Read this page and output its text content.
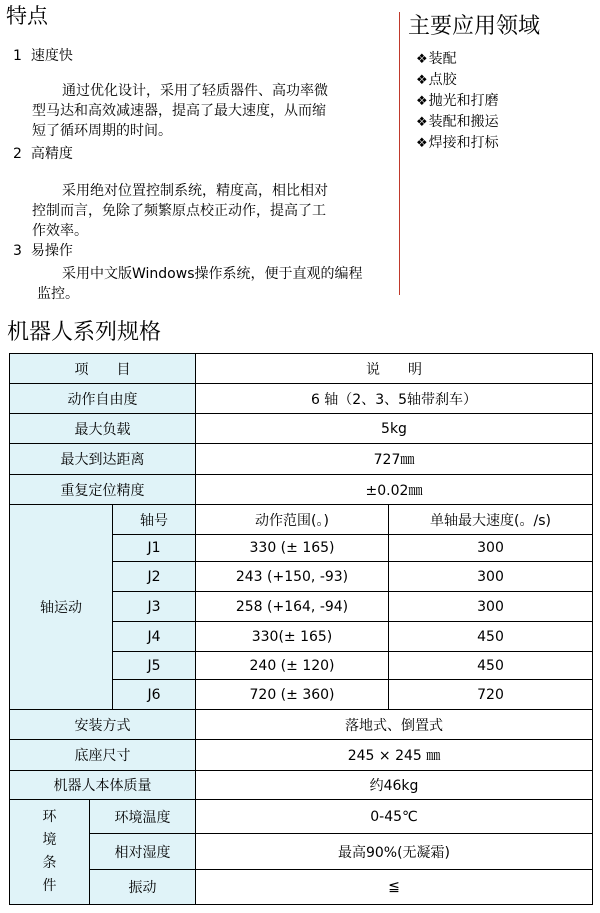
特点
1 速度快
通过优化设计，采用了轻质器件、高功率微
型马达和高效减速器，提高了最大速度，从而缩
短了循环周期的时间。
2 高精度
采用绝对位置控制系统，精度高，相比相对
控制而言，免除了频繁原点校正动作，提高了工
作效率。
3 易操作
采用中文版Windows操作系统，便于直观的编程
监控。
主要应用领域
❖装配
❖点胶
❖抛光和打磨
❖装配和搬运
❖焊接和打标
机器人系列规格
项　　目			说　　明	
动作自由度			6 轴（2、3、5轴带刹车）	
最大负载			5kg	
最大到达距离			727㎜	
重复定位精度			±0.02㎜	
轴运动		轴号	动作范围(。)	单轴最大速度(。/s)
		J1	330 (± 165)	300
		J2	243 (+150, -93)	300
		J3	258 (+164, -94)	300
		J4	330(± 165)	450
		J5	240 (± 120)	450
		J6	720 (± 360)	720
安装方式			落地式、倒置式	
底座尺寸			245 × 245 ㎜	
机器人本体质量			约46kg	

环
境
条
件	环境温度		0-45℃	
	相对湿度		最高90%(无凝霜)	
	振动		≦	
